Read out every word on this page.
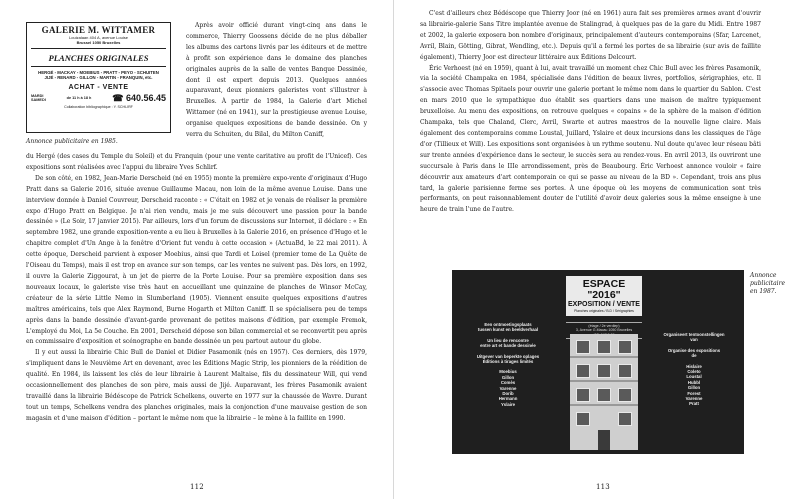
GALERIE M. WITTAMER
Louizalaan 404 A, avenue Louise
Brussel 1050 Bruxelles
PLANCHES ORIGINALES
HERGÉ - MACKAY - MOEBIUS - PRATT - PEYO - SCHUITEN
JIJÉ - RENARD - GILLON - MARTIN - FRANQUIN, etc.
ACHAT - VENTE
MARDI
SAMEDI
de 11 h à 18 h ☎ 640.56.45
Collaboration bibliographique : Y. SCHLIRF
Annonce publicitaire en 1985.

Après avoir officié durant vingt-cinq ans dans le commerce, Thierry Goossens décide de ne plus déballer les albums des cartons livrés par les éditeurs et de mettre à profit son expérience dans le domaine des planches originales auprès de la salle de ventes Banque Dessinée, dont il est expert depuis 2013. Quelques années auparavant, deux pionniers galeristes vont s'illustrer à Bruxelles. À partir de 1984, la Galerie d'art Michel Wittamer (né en 1941), sur la prestigieuse avenue Louise, organise quelques expositions de bande dessinée. On y verra du Schuiten, du Bilal, du Milton Caniff,

du Hergé (des cases du Temple du Soleil) et du Franquin (pour une vente caritative au profit de l'Unicef). Ces expositions sont réalisées avec l'appui du libraire Yves Schlirf.

De son côté, en 1982, Jean-Marie Derscheid (né en 1955) monte la première expo-vente d'originaux d'Hugo Pratt dans sa Galerie 2016, située avenue Guillaume Macau, non loin de la même avenue Louise. Dans une interview donnée à Daniel Couvreur, Derscheid raconte : « C'était en 1982 et je venais de réaliser la première expo d'Hugo Pratt en Belgique. Je n'ai rien vendu, mais je me suis découvert une passion pour la bande dessinée » (Le Soir, 17 janvier 2015). Par ailleurs, lors d'un forum de discussions sur Internet, il déclare : « En septembre 1982, une grande exposition-vente a eu lieu à Bruxelles à la Galerie 2016, en présence d'Hugo et le chapitre complet d'Un Ange à la fenêtre d'Orient fut vendu à cette occasion » (ActuaBd, le 22 mai 2011). À cette époque, Derscheid parvient à exposer Moebius, ainsi que Tardi et Loisel (premier tome de La Quête de l'Oiseau du Temps), mais il est trop en avance sur son temps, car les ventes ne suivent pas. Dès lors, en 1992, il ouvre la Galerie Ziggourat, à un jet de pierre de la Porte Louise. Pour sa première exposition dans ses nouveaux locaux, le galeriste vise très haut en accueillant une quinzaine de planches de Winsor McCay, créateur de la série Little Nemo in Slumberland (1905). Viennent ensuite quelques expositions d'autres maîtres américains, tels que Alex Raymond, Burne Hogarth et Milton Caniff. Il se spécialisera peu de temps après dans la bande dessinée d'avant-garde provenant de petites maisons d'édition, par exemple Fremok, L'employé du Moi, La 5e Couche. En 2001, Derscheid dépose son bilan commercial et se reconvertit peu après en commissaire d'exposition et scénographe en bande dessinée un peu partout autour du globe.

Il y eut aussi la librairie Chic Bull de Daniel et Didier Pasamonik (nés en 1957). Ces derniers, dès 1979, s'impliquent dans le Neuvième Art en devenant, avec les Éditions Magic Strip, les pionniers de la réédition de qualité. En 1984, ils laissent les clés de leur librairie à Laurent Maltaise, fils du dessinateur Will, qui vend occasionnellement des planches de son père, mais aussi de Jijé. Auparavant, les frères Pasamonik avaient travaillé dans la librairie Bédéscope de Patrick Schelkens, ouverte en 1977 sur la chaussée de Wavre. Durant tout un temps, Schelkens vendra des planches originales, mais la conjonction d'une mauvaise gestion de son magasin et d'une maison d'édition – portant le même nom que la librairie – le mène à la faillite en 1990.

112

C'est d'ailleurs chez Bédéscope que Thierry Joor (né en 1961) aura fait ses premières armes avant d'ouvrir sa librairie-galerie Sans Titre implantée avenue de Stalingrad, à quelques pas de la gare du Midi. Entre 1987 et 2002, la galerie exposera bon nombre d'originaux, principalement d'auteurs contemporains (Sfar, Larcenet, Avril, Blain, Götting, Gibrat, Wendling, etc.). Depuis qu'il a fermé les portes de sa librairie (sur avis de faillite également), Thierry Joor est directeur littéraire aux Éditions Delcourt.

Éric Verhoest (né en 1959), quant à lui, avait travaillé un moment chez Chic Bull avec les frères Pasamonik, via la société Champaka en 1984, spécialisée dans l'édition de beaux livres, portfolios, sérigraphies, etc. Il s'associe avec Thomas Spitaels pour ouvrir une galerie portant le même nom dans le quartier du Sablon. C'est en mars 2010 que le sympathique duo établit ses quartiers dans une maison de maître typiquement bruxelloise. Au menu des expositions, on retrouve quelques « copains » de la sphère de la maison d'édition Champaka, tels que Chaland, Clerc, Avril, Swarte et autres maestros de la nouvelle ligne claire. Mais également des contemporains comme Loustal, Juillard, Yslaire et deux incursions dans les classiques de l'âge d'or (Tillieux et Will). Les expositions sont organisées à un rythme soutenu. Nul doute qu'avec leur réseau bâti sur trente années d'expérience dans le secteur, le succès sera au rendez-vous. En avril 2013, ils ouvriront une succursale à Paris dans le IIIe arrondissement, près de Beaubourg. Éric Verhoest annonce voulоir « faire découvrir aux amateurs d'art contemporain ce qui se passe au niveau de la BD ». Cependant, trois ans plus tard, la galerie parisienne ferme ses portes. À une époque où les moyens de communication sont très performants, on peut raisonnablement douter de l'utilité d'avoir deux galeries sous la même enseigne à une heure de train l'une de l'autre.

ESPACE "2016"
EXPOSITION / VENTE
Planches originales / B.D / Sérigraphies
(étage / 2e verdiep)
3, Avenue G.Macau 1050 Bruxelles

Een ontmoetingsplaats
tussen kunst en beeldverhaal
Un lieu de rencontre
entre art et bande dessinée
Uitgever van beperkte oplages
Éditions à tirages limités
Moebius
Gillon
Comès
Varenne
Dorib
Hermann
Yslaire
Organiseert tentoonstellingen
van
Organise des expositions
de
Hislaire
Coleto
Loustal
Hubbl
Gillon
Forest
Varenne
Pratt
Annonce
publicitaire
en 1987.
113
